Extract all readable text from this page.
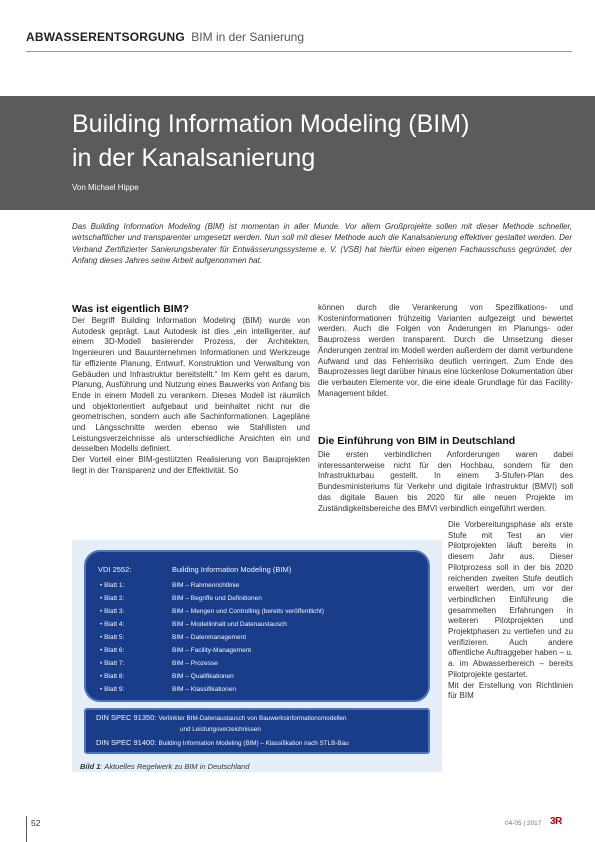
ABWASSERENTSORGUNG BIM in der Sanierung
Building Information Modeling (BIM)
in der Kanalsanierung
Von Michael Hippe

Das Building Information Modeling (BIM) ist momentan in aller Munde. Vor allem Großprojekte sollen mit dieser Methode schneller, wirtschaftlicher und transparenter umgesetzt werden. Nun soll mit dieser Methode auch die Kanalsanierung effektiver gestaltet werden. Der Verband Zertifizierter Sanierungsberater für Entwässerungssysteme e. V. (VSB) hat hierfür einen eigenen Fachausschuss gegründet, der Anfang dieses Jahres seine Arbeit aufgenommen hat.

Was ist eigentlich BIM?

Der Begriff Building Information Modeling (BIM) wurde von Autodesk geprägt. Laut Autodesk ist dies „ein intelligenter, auf einem 3D-Modell basierender Prozess, der Architekten, Ingenieuren und Bauunternehmen Informationen und Werkzeuge für effiziente Planung, Entwurf, Konstruktion und Verwaltung von Gebäuden und Infrastruktur bereitstellt.“ Im Kern geht es darum, Planung, Ausführung und Nutzung eines Bauwerks von Anfang bis Ende in einem Modell zu verankern. Dieses Modell ist räumlich und objektorientiert aufgebaut und beinhaltet nicht nur die geometrischen, sondern auch alle Sachinformationen. Lagepläne und Längsschnitte werden ebenso wie Stahllisten und Leistungsverzeichnisse als unterschiedliche Ansichten ein und desselben Modells definiert.

Der Vorteil einer BIM-gestützten Realisierung von Bauprojekten liegt in der Transparenz und der Effektivität. So

können durch die Verankerung von Spezifikations- und Kosteninformationen frühzeitig Varianten aufgezeigt und bewertet werden. Auch die Folgen von Änderungen im Planungs- oder Bauprozess werden transparent. Durch die Umsetzung dieser Änderungen zentral im Modell werden außerdem der damit verbundene Aufwand und das Fehlerrisiko deutlich verringert. Zum Ende des Bauprozesses liegt darüber hinaus eine lückenlose Dokumentation über die verbauten Elemente vor, die eine ideale Grundlage für das Facility-Management bildet.

Die Einführung von BIM in Deutschland

Die ersten verbindlichen Anforderungen waren dabei interessanterweise nicht für den Hochbau, sondern für den Infrastrukturbau gestellt. In einem 3-Stufen-Plan des Bundesministeriums für Verkehr und digitale Infrastruktur (BMVI) soll das digitale Bauen bis 2020 für alle neuen Projekte im Zuständigkeitsbereiche des BMVI verbindlich eingeführt werden.

Die Vorbereitungsphase als erste Stufe mit Test an vier Pilotprojekten läuft bereits in diesem Jahr aus. Dieser Pilotprozess soll in der bis 2020 reichenden zweiten Stufe deutlich erweitert werden, um vor der verbindlichen Einführung die gesammelten Erfahrungen in weiteren Pilotprojekten und Projektphasen zu vertiefen und zu verifizieren. Auch andere öffentliche Auftraggeber haben – u. a. im Abwasserbereich – bereits Pilotprojekte gestartet.

Mit der Erstellung von Richtlinien für BIM

VDI 2552:	Building Information Modeling (BIM)
• Blatt 1:	BIM – Rahmenrichtlinie
• Blatt 2:	BIM – Begriffe und Definitionen
• Blatt 3:	BIM – Mengen und Controlling (bereits veröffentlicht)
• Blatt 4:	BIM – Modellinhalt und Datenaustausch
• Blatt 5:	BIM – Datenmanagement
• Blatt 6:	BIM – Facility-Management
• Blatt 7:	BIM – Prozesse
• Blatt 8:	BIM – Qualifikationen
• Blatt 9:	BIM – Klassifikationen
DIN SPEC 91350: Verlinkter BIM-Datenaustausch von Bauwerksinformationsmodellen
und Leistungsverzeichnissen
DIN SPEC 91400: Building Information Modeling (BIM) – Klassifikation nach STLB-Bau
Bild 1: Aktuelles Regelwerk zu BIM in Deutschland
52	04-05 | 2017 3R
